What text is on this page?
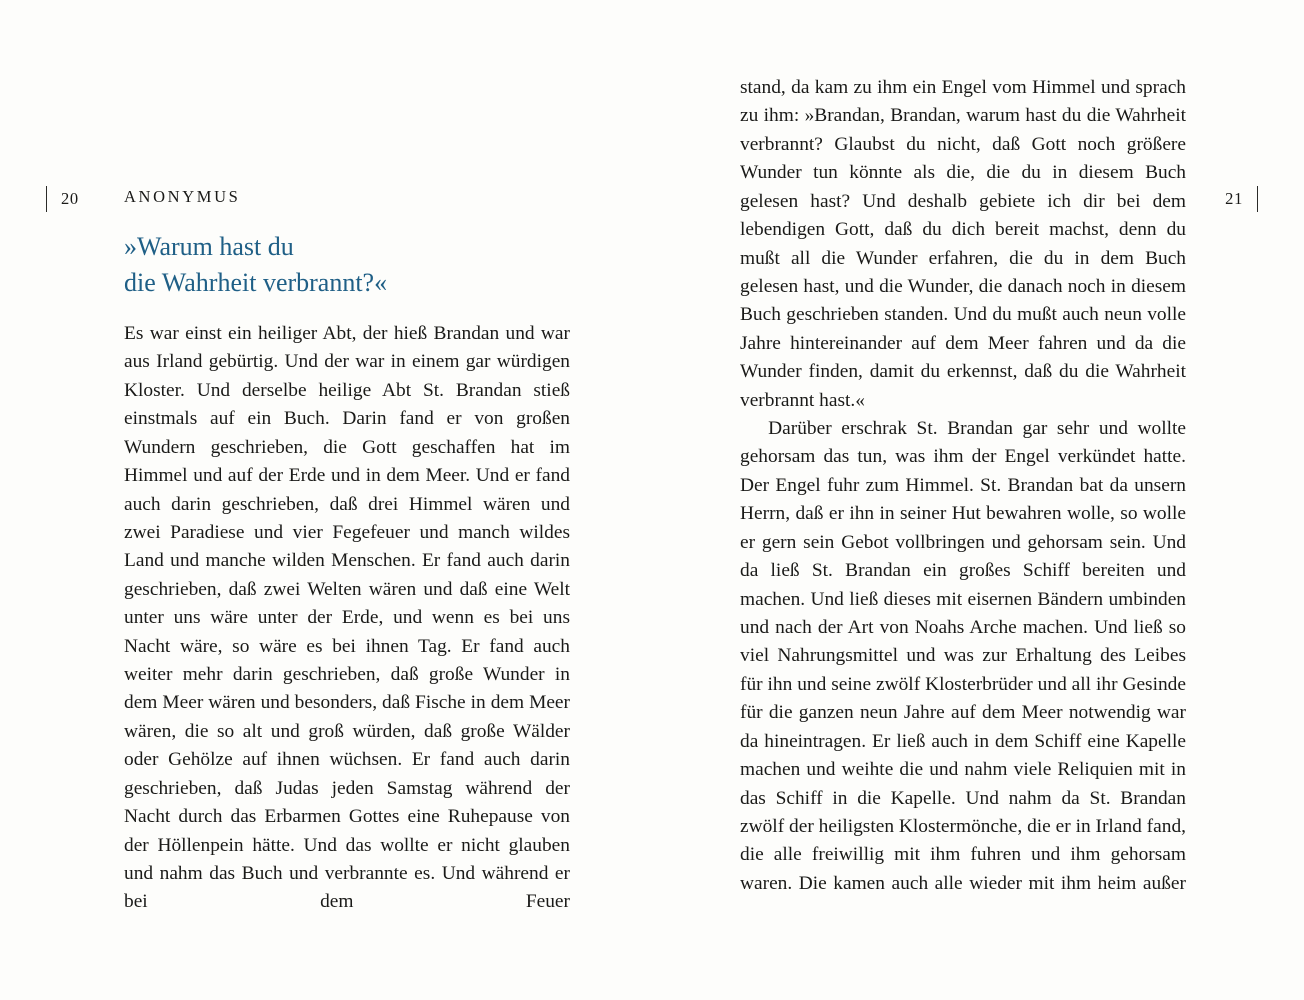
20	ANONYMUS
»Warum hast du
die Wahrheit verbrannt?«

Es war einst ein heiliger Abt, der hieß Brandan und war aus Irland gebürtig. Und der war in einem gar würdigen Kloster. Und derselbe heilige Abt St. Brandan stieß einstmals auf ein Buch. Darin fand er von großen Wundern geschrieben, die Gott geschaffen hat im Himmel und auf der Erde und in dem Meer. Und er fand auch darin geschrieben, daß drei Himmel wären und zwei Paradiese und vier Fegefeuer und manch wildes Land und manche wilden Menschen. Er fand auch darin geschrieben, daß zwei Welten wären und daß eine Welt unter uns wäre unter der Erde, und wenn es bei uns Nacht wäre, so wäre es bei ihnen Tag. Er fand auch weiter mehr darin geschrieben, daß große Wunder in dem Meer wären und besonders, daß Fische in dem Meer wären, die so alt und groß würden, daß große Wälder oder Gehölze auf ihnen wüchsen. Er fand auch darin geschrieben, daß Judas jeden Samstag während der Nacht durch das Erbarmen Gottes eine Ruhepause von der Höllenpein hätte. Und das wollte er nicht glauben und nahm das Buch und verbrannte es. Und während er bei dem Feuer

21

stand, da kam zu ihm ein Engel vom Himmel und sprach zu ihm: »Brandan, Brandan, warum hast du die Wahrheit verbrannt? Glaubst du nicht, daß Gott noch größere Wunder tun könnte als die, die du in diesem Buch gelesen hast? Und deshalb gebiete ich dir bei dem lebendigen Gott, daß du dich bereit machst, denn du mußt all die Wunder erfahren, die du in dem Buch gelesen hast, und die Wunder, die danach noch in diesem Buch geschrieben standen. Und du mußt auch neun volle Jahre hintereinander auf dem Meer fahren und da die Wunder finden, damit du erkennst, daß du die Wahrheit verbrannt hast.«

Darüber erschrak St. Brandan gar sehr und wollte gehorsam das tun, was ihm der Engel verkündet hatte. Der Engel fuhr zum Himmel. St. Brandan bat da unsern Herrn, daß er ihn in seiner Hut bewahren wolle, so wolle er gern sein Gebot vollbringen und gehorsam sein. Und da ließ St. Brandan ein großes Schiff bereiten und machen. Und ließ dieses mit eisernen Bändern umbinden und nach der Art von Noahs Arche machen. Und ließ so viel Nahrungsmittel und was zur Erhaltung des Leibes für ihn und seine zwölf Klosterbrüder und all ihr Gesinde für die ganzen neun Jahre auf dem Meer notwendig war da hineintragen. Er ließ auch in dem Schiff eine Kapelle machen und weihte die und nahm viele Reliquien mit in das Schiff in die Kapelle. Und nahm da St. Brandan zwölf der heiligsten Klostermönche, die er in Irland fand, die alle freiwillig mit ihm fuhren und ihm gehorsam waren. Die kamen auch alle wieder mit ihm heim außer
